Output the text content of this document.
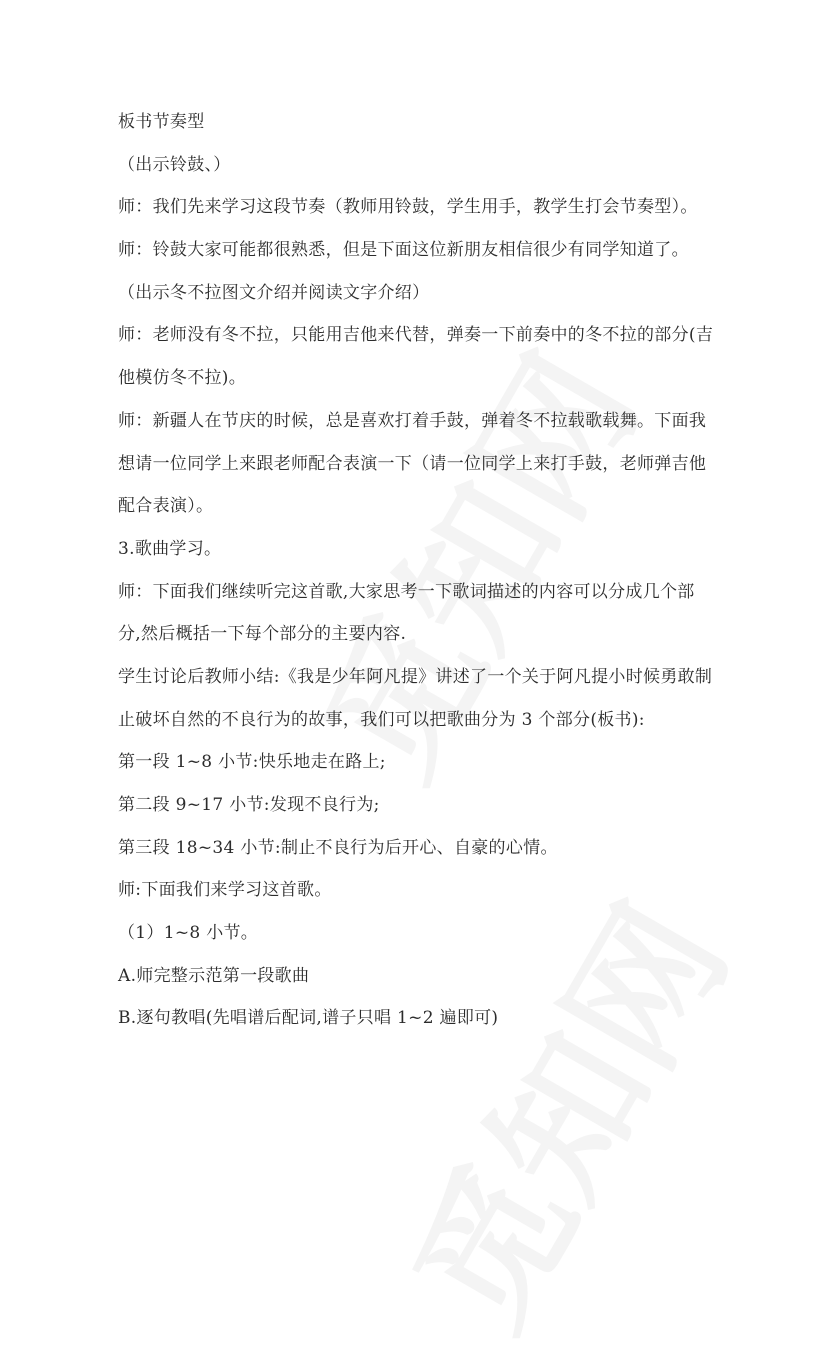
板书节奏型
（出示铃鼓、）
师：我们先来学习这段节奏（教师用铃鼓，学生用手，教学生打会节奏型）。
师：铃鼓大家可能都很熟悉，但是下面这位新朋友相信很少有同学知道了。
（出示冬不拉图文介绍并阅读文字介绍）
师：老师没有冬不拉，只能用吉他来代替，弹奏一下前奏中的冬不拉的部分(吉
他模仿冬不拉)。
师：新疆人在节庆的时候，总是喜欢打着手鼓，弹着冬不拉载歌载舞。下面我
想请一位同学上来跟老师配合表演一下（请一位同学上来打手鼓，老师弹吉他
配合表演）。
3.歌曲学习。
师：下面我们继续听完这首歌,大家思考一下歌词描述的内容可以分成几个部
分,然后概括一下每个部分的主要内容.
学生讨论后教师小结:《我是少年阿凡提》讲述了一个关于阿凡提小时候勇敢制
止破坏自然的不良行为的故事，我们可以把歌曲分为 3 个部分(板书):
第一段 1~8 小节:快乐地走在路上;
第二段 9~17 小节:发现不良行为;
第三段 18~34 小节:制止不良行为后开心、自豪的心情。
师:下面我们来学习这首歌。
（1）1~8 小节。
A.师完整示范第一段歌曲
B.逐句教唱(先唱谱后配词,谱子只唱 1~2 遍即可)
